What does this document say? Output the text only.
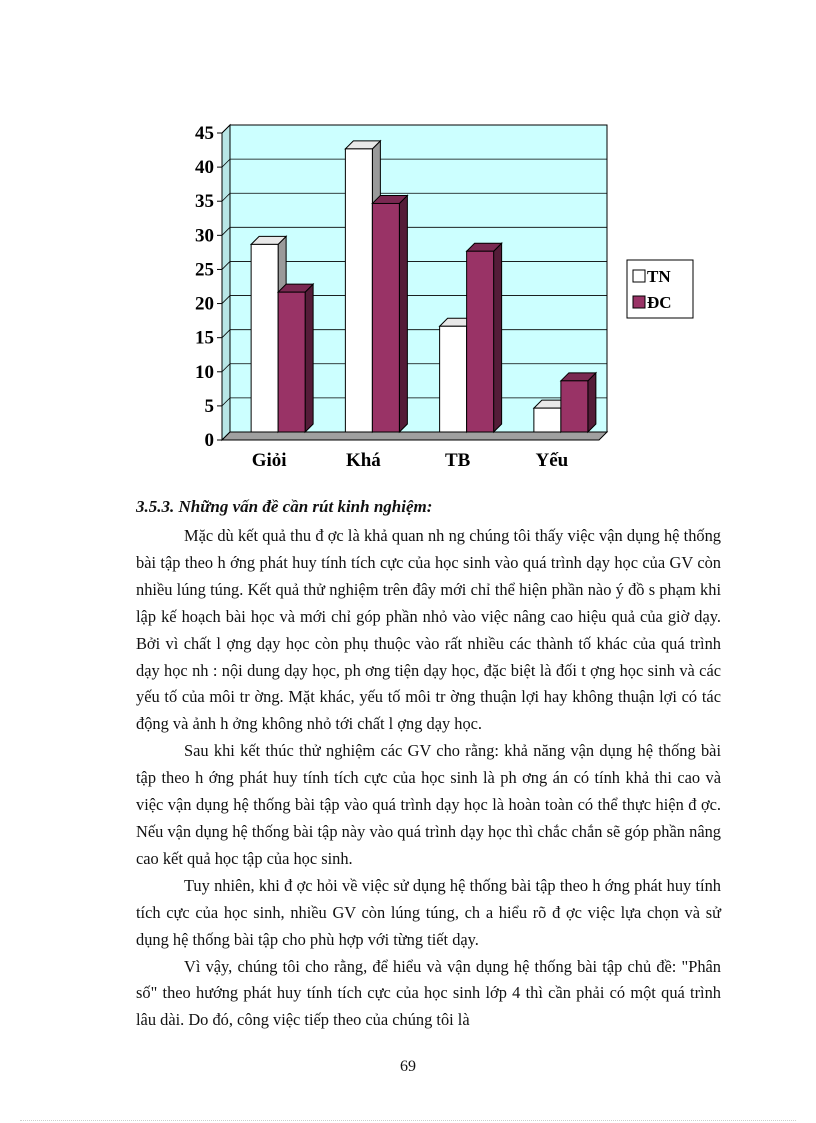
0
5
10
15
20
25
30
35
40
45
Giỏi	Khá	TB	Yếu
TN
ĐC
3.5.3. Những vấn đề cần rút kinh nghiệm:

Mặc dù kết quả thu đ ợc là khả quan nh ng chúng tôi thấy việc vận dụng hệ thống bài tập theo h ớng phát huy tính tích cực của học sinh vào quá trình dạy học của GV còn nhiều lúng túng. Kết quả thử nghiệm trên đây mới chỉ thể hiện phần nào ý đồ s phạm khi lập kế hoạch bài học và mới chỉ góp phần nhỏ vào việc nâng cao hiệu quả của giờ dạy. Bởi vì chất l ợng dạy học còn phụ thuộc vào rất nhiều các thành tố khác của quá trình dạy học nh : nội dung dạy học, ph ơng tiện dạy học, đặc biệt là đối t ợng học sinh và các yếu tố của môi tr ờng. Mặt khác, yếu tố môi tr ờng thuận lợi hay không thuận lợi có tác động và ảnh h ởng không nhỏ tới chất l ợng dạy học.

Sau khi kết thúc thử nghiệm các GV cho rằng: khả năng vận dụng hệ thống bài tập theo h ớng phát huy tính tích cực của học sinh là ph ơng án có tính khả thi cao và việc vận dụng hệ thống bài tập vào quá trình dạy học là hoàn toàn có thể thực hiện đ ợc. Nếu vận dụng hệ thống bài tập này vào quá trình dạy học thì chắc chắn sẽ góp phần nâng cao kết quả học tập của học sinh.

Tuy nhiên, khi đ ợc hỏi về việc sử dụng hệ thống bài tập theo h ớng phát huy tính tích cực của học sinh, nhiều GV còn lúng túng, ch a hiểu rõ đ ợc việc lựa chọn và sử dụng hệ thống bài tập cho phù hợp với từng tiết dạy.

Vì vậy, chúng tôi cho rằng, để hiểu và vận dụng hệ thống bài tập chủ đề: "Phân số" theo hướng phát huy tính tích cực của học sinh lớp 4 thì cần phải có một quá trình lâu dài. Do đó, công việc tiếp theo của chúng tôi là

69
